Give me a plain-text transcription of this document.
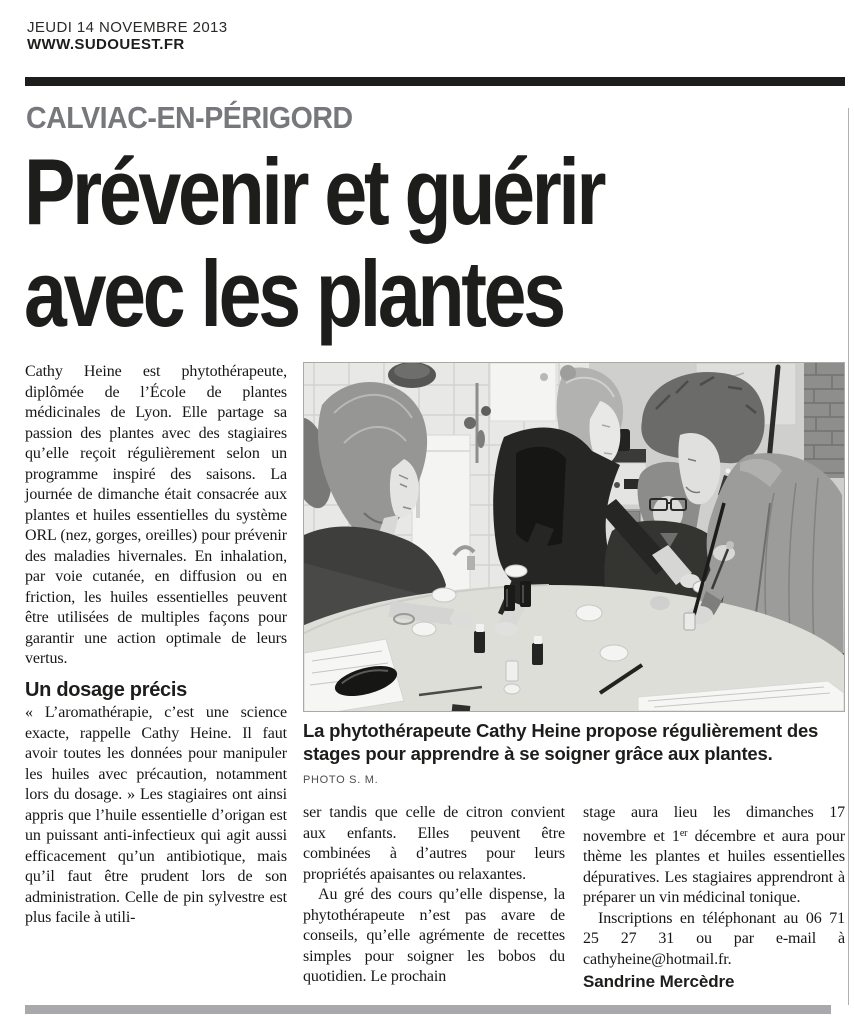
JEUDI 14 NOVEMBRE 2013
WWW.SUDOUEST.FR
CALVIAC-EN-PÉRIGORD
Prévenir et guérir
avec les plantes

Cathy Heine est phytothérapeute, diplômée de l’École de plantes médicinales de Lyon. Elle partage sa passion des plantes avec des stagiaires qu’elle reçoit régulièrement selon un programme inspiré des saisons. La journée de dimanche était consacrée aux plantes et huiles essentielles du système ORL (nez, gorges, oreilles) pour prévenir des maladies hivernales. En inhalation, par voie cutanée, en diffusion ou en friction, les huiles essentielles peuvent être utilisées de multiples façons pour garantir une action optimale de leurs vertus.

Un dosage précis

« L’aromathérapie, c’est une science exacte, rappelle Cathy Heine. Il faut avoir toutes les données pour manipuler les huiles avec précaution, notamment lors du dosage. » Les stagiaires ont ainsi appris que l’huile essentielle d’origan est un puissant anti-infectieux qui agit aussi efficacement qu’un antibiotique, mais qu’il faut être prudent lors de son administration. Celle de pin sylvestre est plus facile à utili-

La phytothérapeute Cathy Heine propose régulièrement des stages pour apprendre à se soigner grâce aux plantes. PHOTO S. M.

ser tandis que celle de citron convient aux enfants. Elles peuvent être combinées à d’autres pour leurs propriétés apaisantes ou relaxantes.

Au gré des cours qu’elle dispense, la phytothérapeute n’est pas avare de conseils, qu’elle agrémente de recettes simples pour soigner les bobos du quotidien. Le prochain

stage aura lieu les dimanches 17 novembre et 1er décembre et aura pour thème les plantes et huiles essentielles dépuratives. Les stagiaires apprendront à préparer un vin médicinal tonique.

Inscriptions en téléphonant au 06 71 25 27 31 ou par e-mail à cathyheine@hotmail.fr.

Sandrine Mercèdre
